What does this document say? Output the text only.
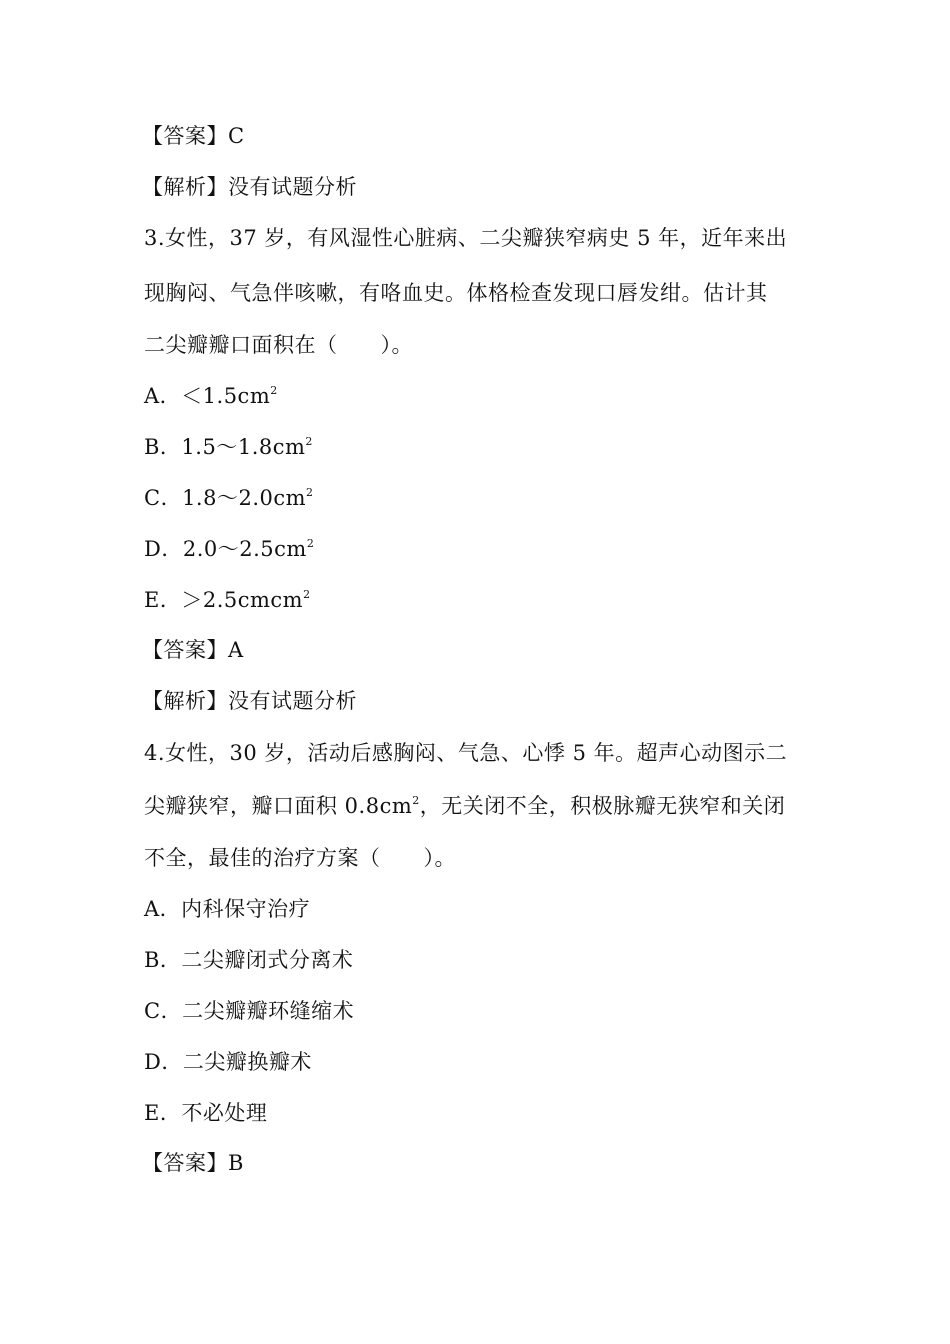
【答案】C
【解析】没有试题分析
3.女性，37 岁，有风湿性心脏病、二尖瓣狭窄病史 5 年，近年来出
现胸闷、气急伴咳嗽，有咯血史。体格检查发现口唇发绀。估计其
二尖瓣瓣口面积在（　　）。
A．$<1.5cm^2$
B．$1.5\sim 1.8cm^2$
C．$1.8\sim 2.0cm^2$
D．$2.0\sim 2.5cm^2$
E．＞2.5cmcm$^2$
【答案】A
【解析】没有试题分析
4.女性，30 岁，活动后感胸闷、气急、心悸 5 年。超声心动图示二
尖瓣狭窄，瓣口面积 $0.8cm^2$，无关闭不全，积极脉瓣无狭窄和关闭
不全，最佳的治疗方案（　　）。
A．内科保守治疗
B．二尖瓣闭式分离术
C．二尖瓣瓣环缝缩术
D．二尖瓣换瓣术
E．不必处理
【答案】B
